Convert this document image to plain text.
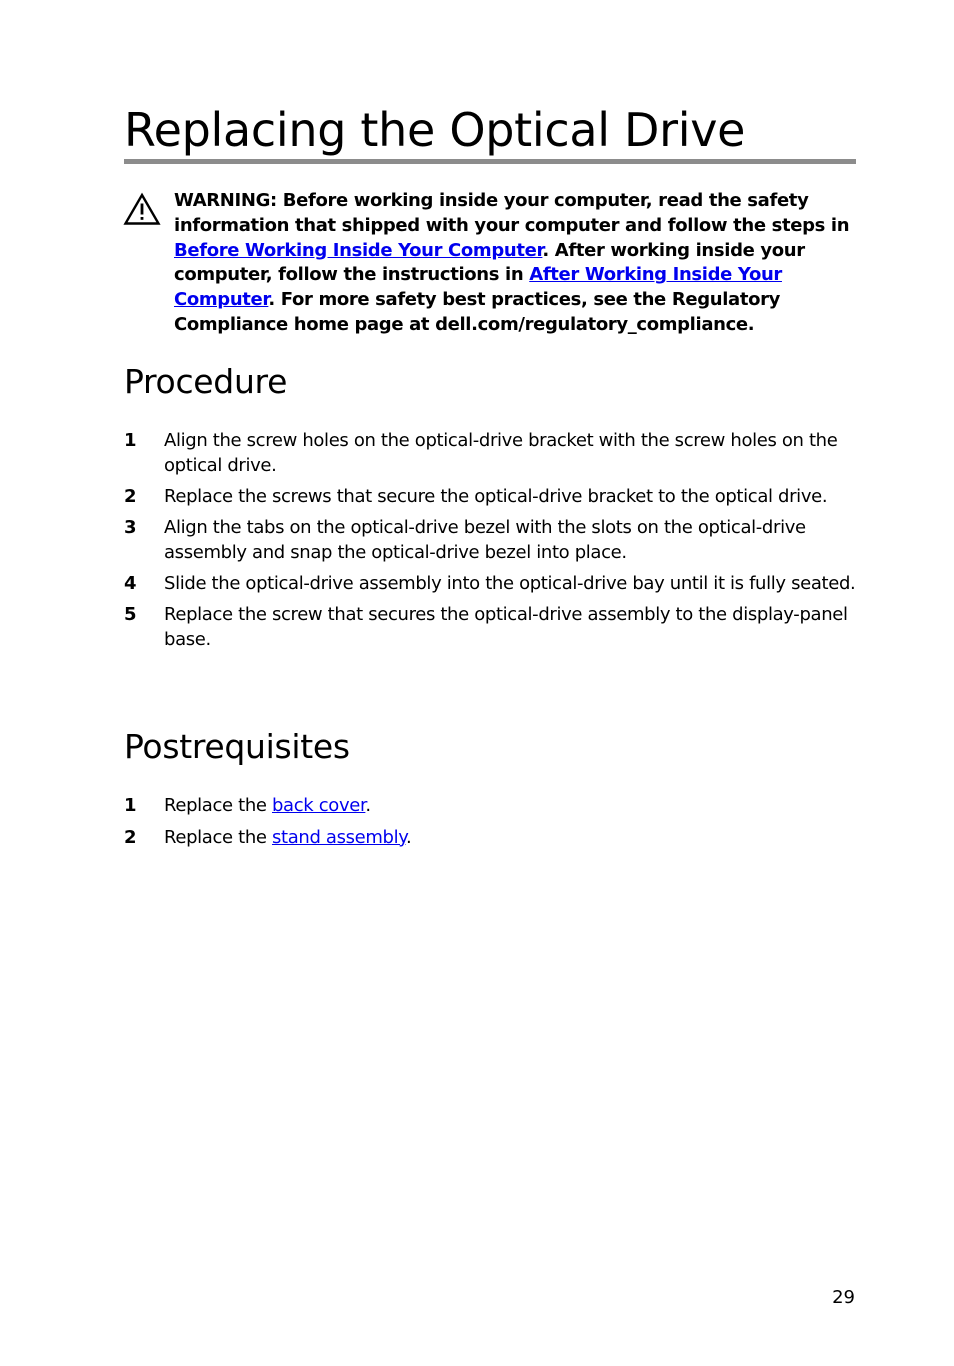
Replacing the Optical Drive

WARNING: Before working inside your computer, read the safety information that shipped with your computer and follow the steps in Before Working Inside Your Computer. After working inside your computer, follow the instructions in After Working Inside Your Computer. For more safety best practices, see the Regulatory Compliance home page at dell.com/regulatory_compliance.

Procedure
1	Align the screw holes on the optical-drive bracket with the screw holes on the optical drive.
2	Replace the screws that secure the optical-drive bracket to the optical drive.
3	Align the tabs on the optical-drive bezel with the slots on the optical-drive assembly and snap the optical-drive bezel into place.
4	Slide the optical-drive assembly into the optical-drive bay until it is fully seated.
5	Replace the screw that secures the optical-drive assembly to the display-panel base.
Postrequisites
1	Replace the back cover.
2	Replace the stand assembly.
29
